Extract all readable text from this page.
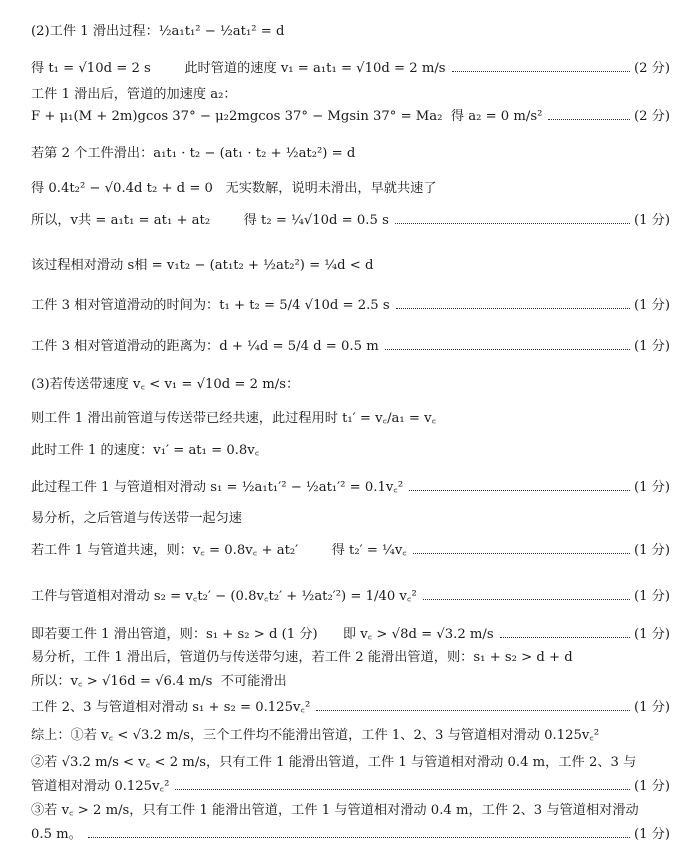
(2)工件 1 滑出过程：½a₁t₁² − ½at₁² = d
得 t₁ = √10d = 2 s        此时管道的速度 v₁ = a₁t₁ = √10d = 2 m/s	(2 分)
工件 1 滑出后，管道的加速度 a₂：
F + μ₁(M + 2m)gcos 37° − μ₂2mgcos 37° − Mgsin 37° = Ma₂  得 a₂ = 0 m/s²	(2 分)
若第 2 个工件滑出：a₁t₁ · t₂ − (at₁ · t₂ + ½at₂²) = d
得 0.4t₂² − √0.4d t₂ + d = 0   无实数解，说明未滑出，早就共速了
所以，v共 = a₁t₁ = at₁ + at₂        得 t₂ = ¼√10d = 0.5 s	(1 分)
该过程相对滑动 s相 = v₁t₂ − (at₁t₂ + ½at₂²) = ¼d < d
工件 3 相对管道滑动的时间为：t₁ + t₂ = 5/4 √10d = 2.5 s	(1 分)
工件 3 相对管道滑动的距离为：d + ¼d = 5/4 d = 0.5 m	(1 分)
(3)若传送带速度 v꜀ < v₁ = √10d = 2 m/s：
则工件 1 滑出前管道与传送带已经共速，此过程用时 t₁′ = v꜀/a₁ = v꜀
此时工件 1 的速度：v₁′ = at₁ = 0.8v꜀
此过程工件 1 与管道相对滑动 s₁ = ½a₁t₁′² − ½at₁′² = 0.1v꜀²	(1 分)
易分析，之后管道与传送带一起匀速
若工件 1 与管道共速，则：v꜀ = 0.8v꜀ + at₂′        得 t₂′ = ¼v꜀	(1 分)
工件与管道相对滑动 s₂ = v꜀t₂′ − (0.8v꜀t₂′ + ½at₂′²) = 1/40 v꜀²	(1 分)
即若要工件 1 滑出管道，则：s₁ + s₂ > d (1 分)      即 v꜀ > √8d = √3.2 m/s	(1 分)
易分析，工件 1 滑出后，管道仍与传送带匀速，若工件 2 能滑出管道，则：s₁ + s₂ > d + d
所以：v꜀ > √16d = √6.4 m/s  不可能滑出
工件 2、3 与管道相对滑动 s₁ + s₂ = 0.125v꜀²	(1 分)
综上：①若 v꜀ < √3.2 m/s，三个工件均不能滑出管道，工件 1、2、3 与管道相对滑动 0.125v꜀²
②若 √3.2 m/s < v꜀ < 2 m/s，只有工件 1 能滑出管道，工件 1 与管道相对滑动 0.4 m，工件 2、3 与
管道相对滑动 0.125v꜀²	(1 分)
③若 v꜀ > 2 m/s，只有工件 1 能滑出管道，工件 1 与管道相对滑动 0.4 m，工件 2、3 与管道相对滑动
0.5 m。	(1 分)
